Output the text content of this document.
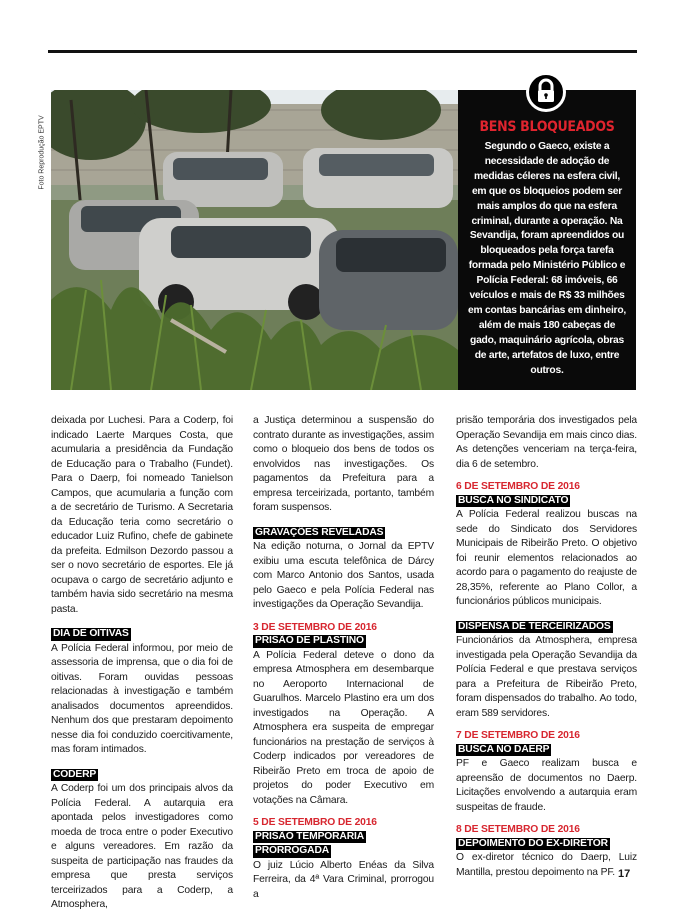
Foto Reprodução EPTV	BENS BLOQUEADOS

Segundo o Gaeco, existe a necessidade de adoção de medidas céleres na esfera civil, em que os bloqueios podem ser mais amplos do que na esfera criminal, durante a operação. Na Sevandija, foram apreendidos ou bloqueados pela força tarefa formada pelo Ministério Público e Polícia Federal: 68 imóveis, 66 veículos e mais de R$ 33 milhões em contas bancárias em dinheiro, além de mais 180 cabeças de gado, maquinário agrícola, obras de arte, artefatos de luxo, entre outros.

deixada por Luchesi. Para a Coderp, foi indicado Laerte Marques Costa, que acumularia a presidência da Fundação de Educação para o Trabalho (Fundet). Para o Daerp, foi nomeado Tanielson Campos, que acumularia a função com a de secretário de Turismo. A Secretaria da Educação teria como secretário o educador Luiz Rufino, chefe de gabinete da prefeita. Edmilson Dezordo passou a ser o novo secretário de esportes. Ele já ocupava o cargo de secretário adjunto e também havia sido secretário na mesma pasta.

DIA DE OITIVAS

A Polícia Federal informou, por meio de assessoria de imprensa, que o dia foi de oitivas. Foram ouvidas pessoas relacionadas à investigação e também analisados documentos apreendidos. Nenhum dos que prestaram depoimento nesse dia foi conduzido coercitivamente, mas foram intimados.

CODERP

A Coderp foi um dos principais alvos da Polícia Federal. A autarquia era apontada pelos investigadores como moeda de troca entre o poder Executivo e alguns vereadores. Em razão da suspeita de participação nas fraudes da empresa que presta serviços terceirizados para a Coderp, a Atmosphera,

a Justiça determinou a suspensão do contrato durante as investigações, assim como o bloqueio dos bens de todos os envolvidos nas investigações. Os pagamentos da Prefeitura para a empresa terceirizada, portanto, também foram suspensos.

GRAVAÇÕES REVELADAS

Na edição noturna, o Jornal da EPTV exibiu uma escuta telefônica de Dárcy com Marco Antonio dos Santos, usada pelo Gaeco e pela Polícia Federal nas investigações da Operação Sevandija.

3 DE SETEMBRO DE 2016
PRISÃO DE PLASTINO

A Polícia Federal deteve o dono da empresa Atmosphera em desembarque no Aeroporto Internacional de Guarulhos. Marcelo Plastino era um dos investigados na Operação. A Atmosphera era suspeita de empregar funcionários na prestação de serviços à Coderp indicados por vereadores de Ribeirão Preto em troca de apoio de projetos do poder Executivo em votações na Câmara.

5 DE SETEMBRO DE 2016
PRISÃO TEMPORÁRIA
PRORROGADA

O juiz Lúcio Alberto Enéas da Silva Ferreira, da 4ª Vara Criminal, prorrogou a

prisão temporária dos investigados pela Operação Sevandija em mais cinco dias. As detenções venceriam na terça-feira, dia 6 de setembro.

6 DE SETEMBRO DE 2016
BUSCA NO SINDICATO

A Polícia Federal realizou buscas na sede do Sindicato dos Servidores Municipais de Ribeirão Preto. O objetivo foi reunir elementos relacionados ao acordo para o pagamento do reajuste de 28,35%, referente ao Plano Collor, a funcionários públicos municipais.

DISPENSA DE TERCEIRIZADOS

Funcionários da Atmosphera, empresa investigada pela Operação Sevandija da Polícia Federal e que prestava serviços para a Prefeitura de Ribeirão Preto, foram dispensados do trabalho. Ao todo, eram 589 servidores.

7 DE SETEMBRO DE 2016
BUSCA NO DAERP

PF e Gaeco realizam busca e apreensão de documentos no Daerp. Licitações envolvendo a autarquia eram suspeitas de fraude.

8 DE SETEMBRO DE 2016
DEPOIMENTO DO EX-DIRETOR

O ex-diretor técnico do Daerp, Luiz Mantilla, prestou depoimento na PF. 17
